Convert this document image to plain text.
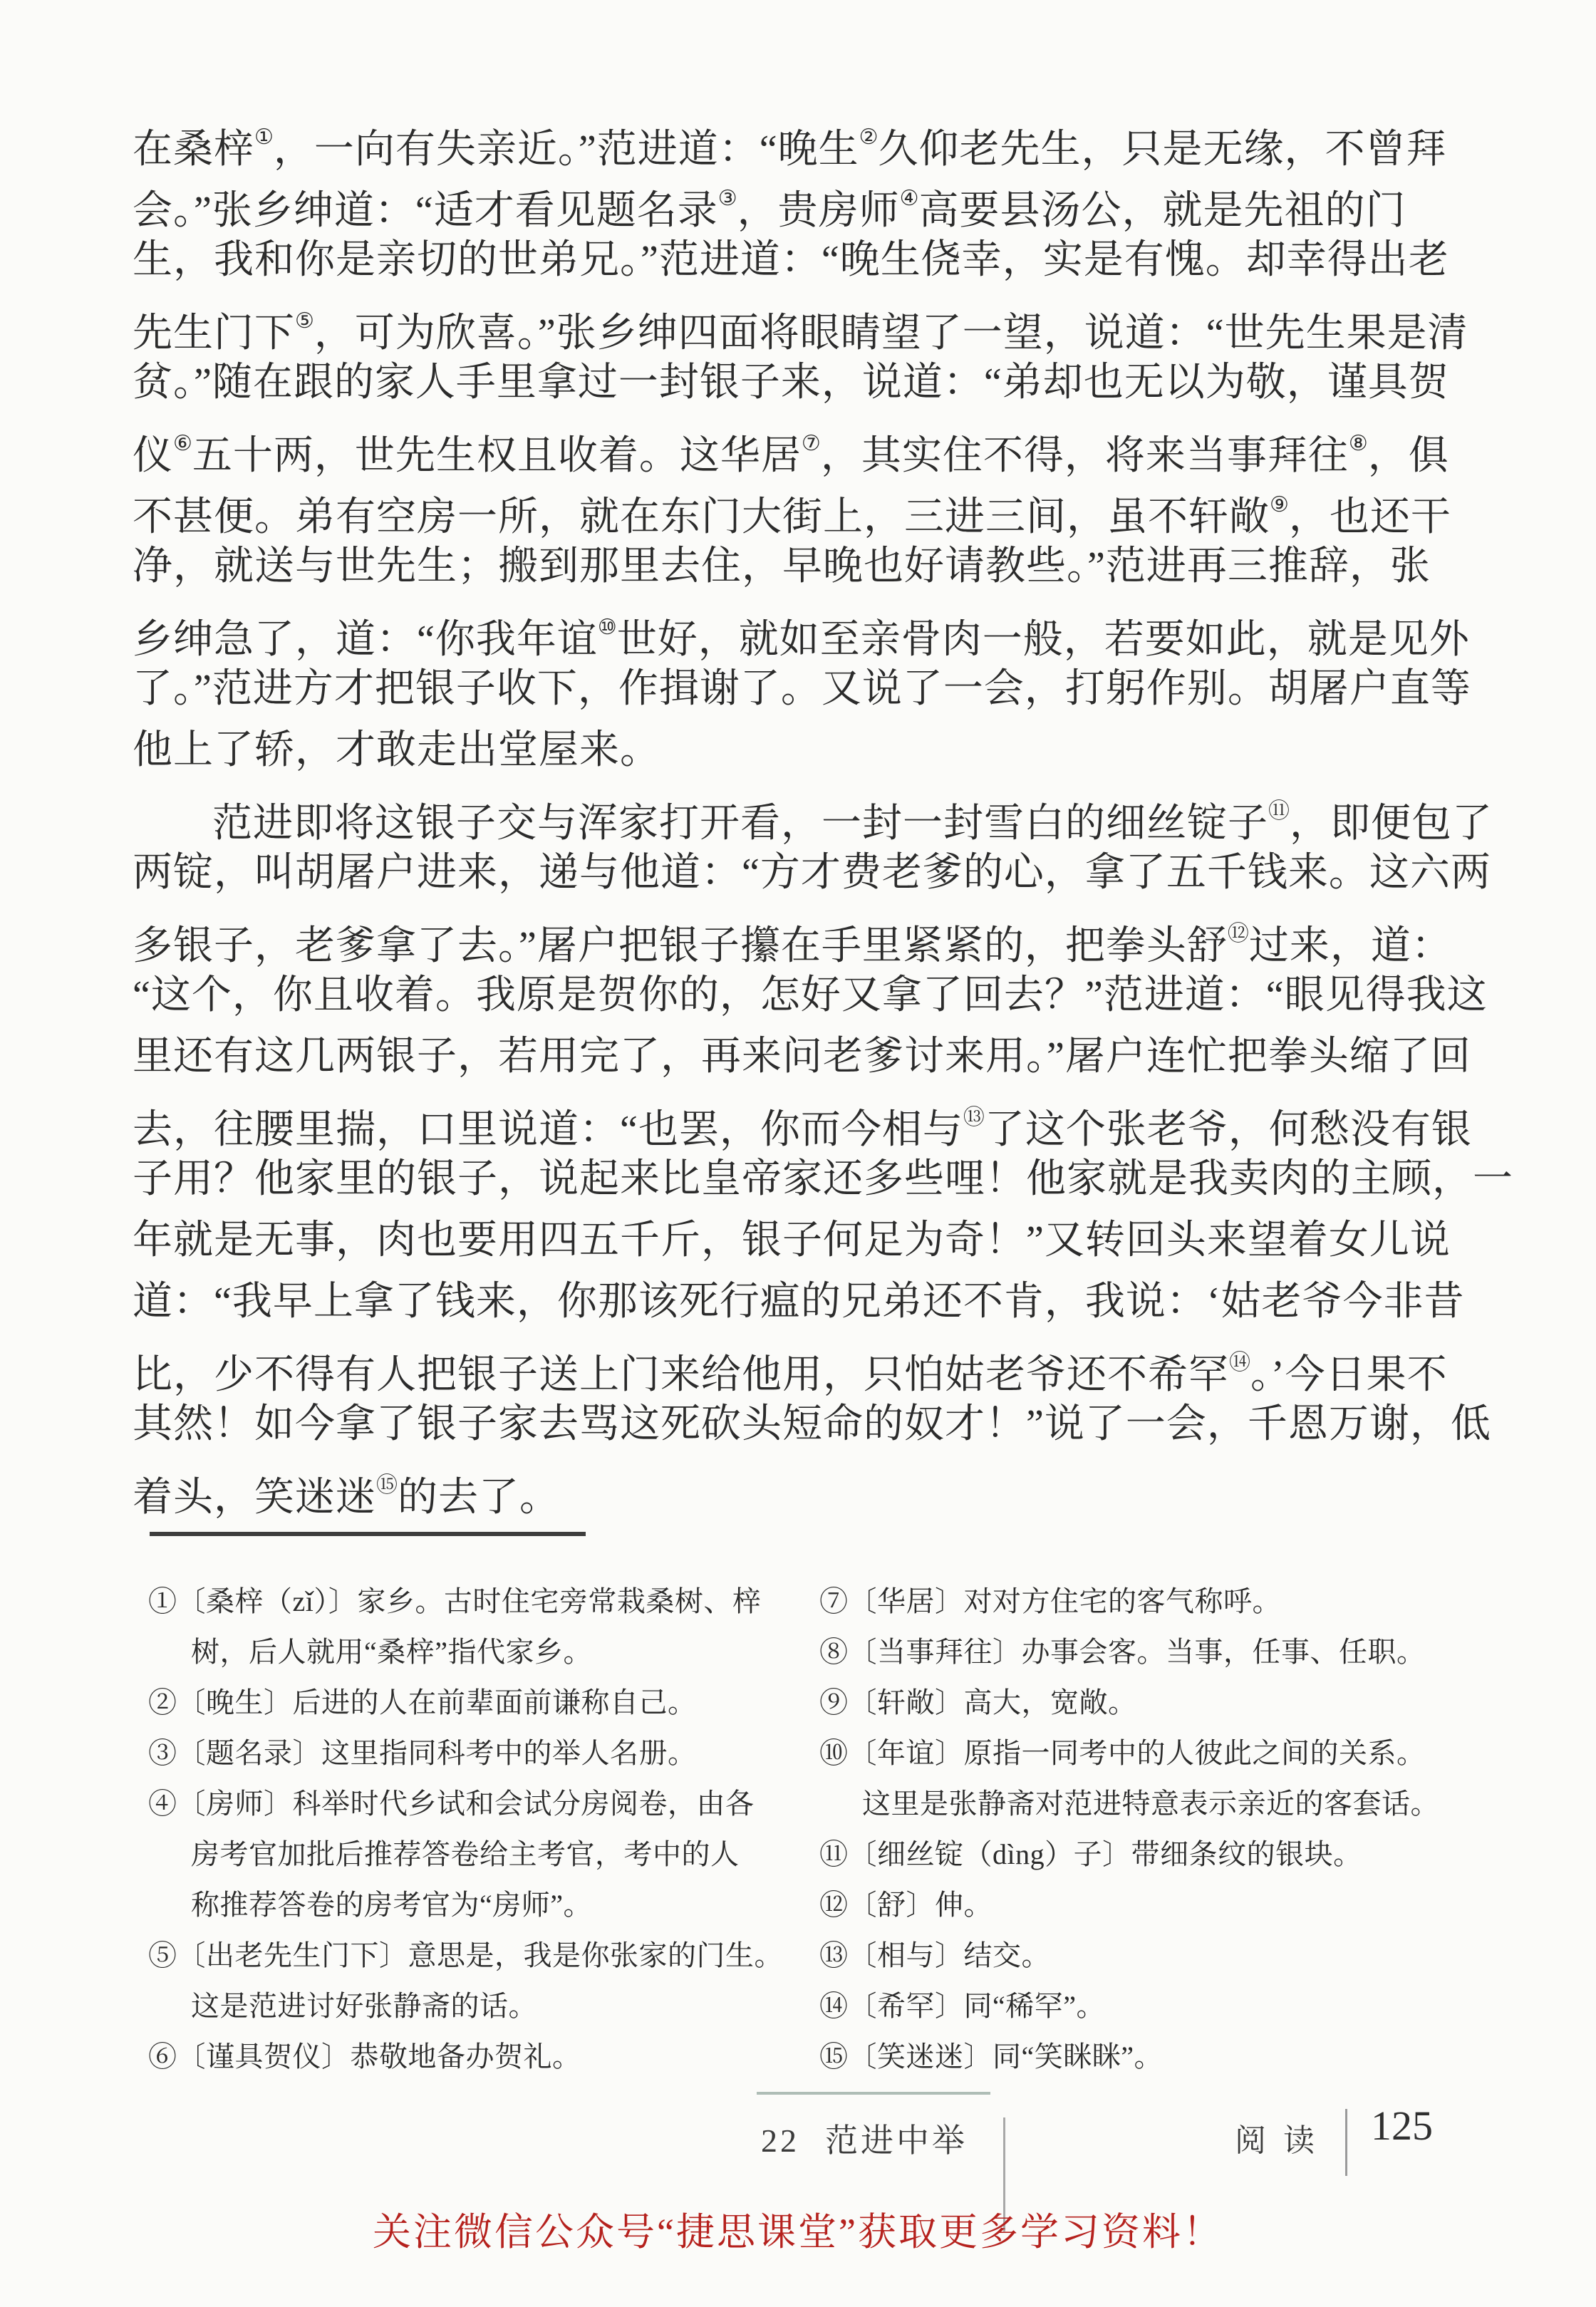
在桑梓①，一向有失亲近。”范进道：“晚生②久仰老先生，只是无缘，不曾拜
会。”张乡绅道：“适才看见题名录③，贵房师④高要县汤公，就是先祖的门
生，我和你是亲切的世弟兄。”范进道：“晚生侥幸，实是有愧。却幸得出老
先生门下⑤，可为欣喜。”张乡绅四面将眼睛望了一望，说道：“世先生果是清
贫。”随在跟的家人手里拿过一封银子来，说道：“弟却也无以为敬，谨具贺
仪⑥五十两，世先生权且收着。这华居⑦，其实住不得，将来当事拜往⑧，俱
不甚便。弟有空房一所，就在东门大街上，三进三间，虽不轩敞⑨，也还干
净，就送与世先生；搬到那里去住，早晚也好请教些。”范进再三推辞，张
乡绅急了，道：“你我年谊⑩世好，就如至亲骨肉一般，若要如此，就是见外
了。”范进方才把银子收下，作揖谢了。又说了一会，打躬作别。胡屠户直等
他上了轿，才敢走出堂屋来。
范进即将这银子交与浑家打开看，一封一封雪白的细丝锭子⑪，即便包了
两锭，叫胡屠户进来，递与他道：“方才费老爹的心，拿了五千钱来。这六两
多银子，老爹拿了去。”屠户把银子攥在手里紧紧的，把拳头舒⑫过来，道：
“这个，你且收着。我原是贺你的，怎好又拿了回去？”范进道：“眼见得我这
里还有这几两银子，若用完了，再来问老爹讨来用。”屠户连忙把拳头缩了回
去，往腰里揣，口里说道：“也罢，你而今相与⑬了这个张老爷，何愁没有银
子用？他家里的银子，说起来比皇帝家还多些哩！他家就是我卖肉的主顾，一
年就是无事，肉也要用四五千斤，银子何足为奇！”又转回头来望着女儿说
道：“我早上拿了钱来，你那该死行瘟的兄弟还不肯，我说：‘姑老爷今非昔
比，少不得有人把银子送上门来给他用，只怕姑老爷还不希罕⑭。’今日果不
其然！如今拿了银子家去骂这死砍头短命的奴才！”说了一会，千恩万谢，低
着头，笑迷迷⑮的去了。
①〔桑梓（zǐ）〕家乡。古时住宅旁常栽桑树、梓
树，后人就用“桑梓”指代家乡。
②〔晚生〕后进的人在前辈面前谦称自己。
③〔题名录〕这里指同科考中的举人名册。
④〔房师〕科举时代乡试和会试分房阅卷，由各
房考官加批后推荐答卷给主考官，考中的人
称推荐答卷的房考官为“房师”。
⑤〔出老先生门下〕意思是，我是你张家的门生。
这是范进讨好张静斋的话。
⑥〔谨具贺仪〕恭敬地备办贺礼。
⑦〔华居〕对对方住宅的客气称呼。
⑧〔当事拜往〕办事会客。当事，任事、任职。
⑨〔轩敞〕高大，宽敞。
⑩〔年谊〕原指一同考中的人彼此之间的关系。
这里是张静斋对范进特意表示亲近的客套话。
⑪〔细丝锭（dìng）子〕带细条纹的银块。
⑫〔舒〕伸。
⑬〔相与〕结交。
⑭〔希罕〕同“稀罕”。
⑮〔笑迷迷〕同“笑眯眯”。
22 范进中举	阅读 125
关注微信公众号“捷思课堂”获取更多学习资料！
